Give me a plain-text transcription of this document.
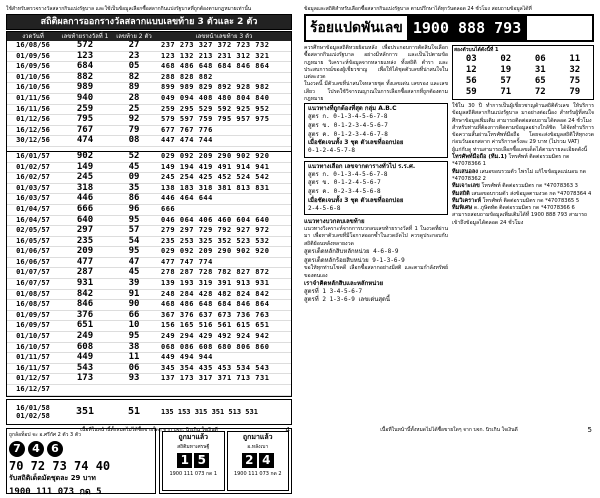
ใช้สำหรับตรวจรางวัลสลากกินแบ่งรัฐบาล และใช้เป็นข้อมูลเลือกซื้อสลากกินแบ่งรัฐบาลที่ถูกต้องตามกฎหมายเท่านั้น
สถิติผลการออกรางวัลสลากแบบเลขท้าย 3 ตัวและ 2 ตัว
งวดวันที่	เลขท้ายรางวัลที่ 1	เลขท้าย 2 ตัว	เลขหน้าเลขท้าย 3 ตัว
16/08/56	572	27	237 273 327 372 723 732
01/09/56	123	23	123 132 213 231 312 321
16/09/56	684	05	468 486 648 684 846 864
01/10/56	882	82	288 828 882
16/10/56	989	89	899 989 829 892 928 982
01/11/56	940	28	049 094 408 480 804 840
16/11/56	259	25	259 295 529 592 925 952
01/12/56	795	92	579 597 759 795 957 975
16/12/56	767	79	677 767 776
30/12/56	474	08	447 474 744
16/01/57	902	52	029 092 209 290 902 920
01/02/57	149	45	149 194 419 491 914 941
16/02/57	245	09	245 254 425 452 524 542
01/03/57	318	35	138 183 318 381 813 831
16/03/57	446	86	446 464 644
01/04/57	666	96	666
16/04/57	640	95	046 064 406 460 604 640
02/05/57	297	57	279 297 729 792 927 972
16/05/57	235	54	235 253 325 352 523 532
01/06/57	209	95	029 092 209 290 902 920
16/06/57	477	47	477 747 774
01/07/57	287	45	278 287 728 782 827 872
16/07/57	931	39	139 193 319 391 913 931
01/08/57	842	91	248 284 428 482 824 842
16/08/57	846	90	468 486 648 684 846 864
01/09/57	376	66	367 376 637 673 736 763
16/09/57	651	10	156 165 516 561 615 651
01/10/57	249	95	249 294 429 492 924 942
16/10/57	608	38	068 086 608 680 806 860
01/11/57	449	11	449 494 944
16/11/57	543	06	345 354 435 453 534 543
01/12/57	173	93	137 173 317 371 713 731
16/12/57
16/01/58
01/02/58	351	51	135 153 315 351 513 531
ถูกล้อท็อป จะ อ.ศรีกัศ 2 ตัว 3 ตัว
7	4	6
70 72 73 74 40
รับสถิติเด็ดมัดชุดละ 29 บาท
1900 111 073 กด 5
ถูกมาแล้ว
สถิติมหาเศรษฐี
1 5
1900 111 073 กด 1
ถูกมาแล้ว
อ.หลังเบา
2 4
1900 111 073 กด 2
เนื้อที่ในหน้านี้ทั้งหมดไม่ได้ซื้อขายใดๆ จาก บจก. นิรเกิน ใจเงินดี	4
ข้อมูลและสถิติสำหรับเลือกซื้อสลากกินแบ่งรัฐบาล ตามปรึกษาได้ทุกวันตลอด 24 ชั่วโมง สอบถามข้อมูลได้ที่
ร้อยแปดพันเลข 1900 888 793
ควรศึกษาข้อมูลสถิติหวยย้อนหลัง เพื่อประกอบการตัดสินใจเลือกซื้อสลากกินแบ่งรัฐบาล อย่างมีหลักการ และเป็นไปตามข้อกฎหมาย วิเคราะห์ข้อมูลจากหลายแหล่ง ทั้งสถิติ ตำรา และประสบการณ์ของผู้เชี่ยวชาญ เพื่อให้ได้ชุดตัวเลขที่น่าสนใจในแต่ละงวด
ในงวดนี้ มีตัวเลขที่น่าสนใจหลายชุด ทั้งเลขเด่น เลขรอง และเลขเสียว โปรดใช้วิจารณญาณในการเลือกซื้อสลากที่ถูกต้องตามกฎหมาย
แนวทางที่ถูกต้องที่สุด กลุ่ม A.B.C
สูตร ก. 0-1-3-4-5-6-7-8
สูตร ข. 0-1-2-3-4-5-6-7
สูตร ค. 0-1-2-3-4-6-7-8
เมื่อชัดเจนทั้ง 3 ชุด ตัวเลขที่ออกบ่อย
0-1-2-4-5-7-8
แนวทางเลือก เลขจากตารางทั่วไป ร.ร.ศ.
สูตร ก. 0-1-3-4-5-6-7-8
สูตร ข. 0-1-2-4-5-6-7
สูตร ค. 0-2-3-4-5-6-8
เมื่อชัดเจนทั้ง 3 ชุด ตัวเลขที่ออกบ่อย
2-4-5-6-8
แนวทางบวกลบเลขท้าย
แนวทางวิเคราะห์จากการบวกลบเลขท้ายรางวัลที่ 1 ในงวดที่ผ่านมา เพื่อหาตัวเลขที่มีโอกาสออกซ้ำในงวดถัดไป ควรดูประกอบกับสถิติย้อนหลังหลายงวด
สูตรเด็ดหลักสิบหลักหน่วย 4-6-8-9
สูตรเด็ดหลักร้อยสิบหน่วย 9-1-3-6-9
ขอให้ทุกท่านโชคดี เลือกซื้อสลากอย่างมีสติ และตามกำลังทรัพย์ของตนเอง
เราจำคิดหลักสิบและหลักหน่วย
สูตรที่ 1 3-4-5-6-7
สูตรที่ 2 1-3-6-9 เลขเด่นสุดนี้
สองตัวบนได้ดังนี้ที่ 1
03	02	06	11
12	19	31	32
56	57	65	75
59	71	72	79
ใช้ใน 30 ปี ทำการเป็นผู้เชี่ยวชาญด้านสถิติตัวเลข ให้บริการข้อมูลสถิติสลากกินแบ่งรัฐบาล มาอย่างต่อเนื่อง สำหรับผู้ที่สนใจศึกษาข้อมูลเพิ่มเติม สามารถติดต่อสอบถามได้ตลอด 24 ชั่วโมง
สำหรับท่านที่ต้องการติดตามข้อมูลอย่างใกล้ชิด ได้จัดทำบริการข้อความสั้นผ่านโทรศัพท์มือถือ โดยจะส่งข้อมูลสถิติให้ทุกงวดก่อนวันออกสลาก ค่าบริการครั้งละ 29 บาท (ไม่รวม VAT)
ผู้แก่กับดู ท่านสามารถเลือกซื้อเลขเด็ดได้ตามรายละเอียดดังนี้
โทรศัพท์มือถือ (ทีม.1) โทรศัพท์ ติดต่อรวมมิตร กด *47078366 1
ทีมเสนอลง เสนอขอบรวมตัว ไพรไม่ แก้ไขข้อมูลแน่นอน กด *47078362 2
ทีมเจาะเลข โทรศัพท์ ติดต่อรวมมิตร กด *47078363 3
ทีมสถิติ เสนอขอบรวมตัว ส่งข้อมูลตามงวด กด *47078364 4
ทีมวิเคราะห์ โทรศัพท์ ติดต่อรวมมิตร กด *47078365 5
ทีมพิเศษ ด. ภูษิตทัต ติดต่อรวมมิตร กด *47078366 6
สามารถสอบถามข้อมูลเพิ่มเติมได้ที่ 1900 888 793 สามารถเข้าถึงข้อมูลได้ตลอด 24 ชั่วโมง
เนื้อที่ในหน้านี้ทั้งหมดไม่ได้ซื้อขายใดๆ จาก บจก. นิรเกิน ใจเงินดี	5
